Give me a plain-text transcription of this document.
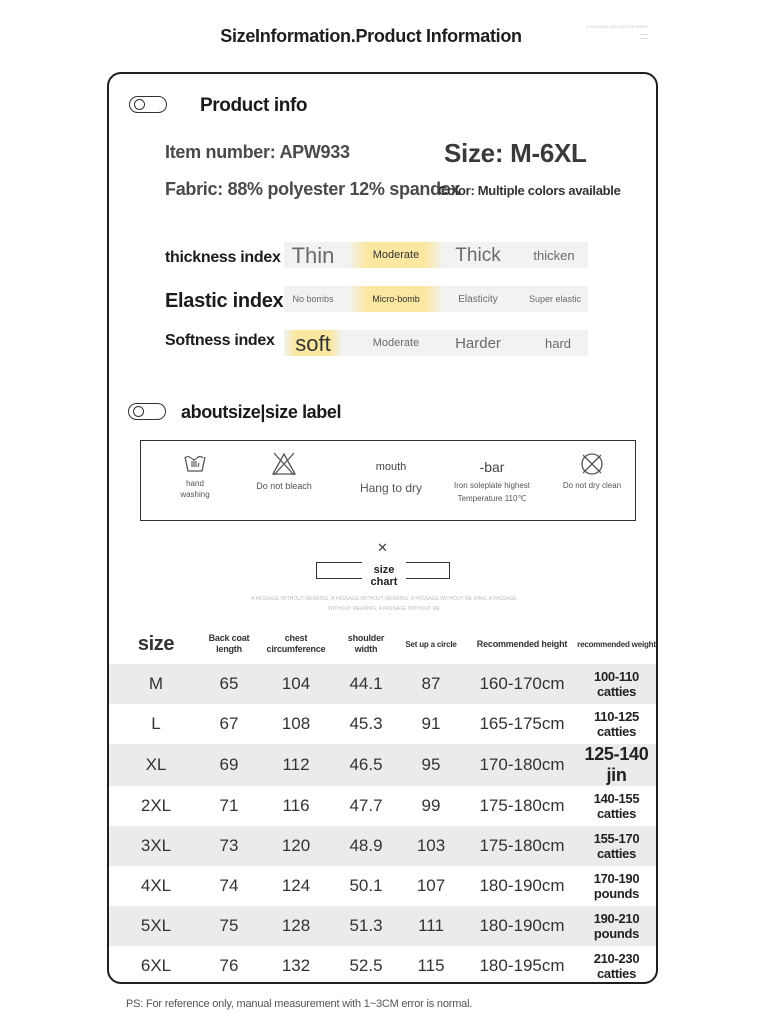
SizeInformation.Product Information	A PASSAGE WITHOUT MEANING
Product info
Item number: APW933	Size: M-6XL
Fabric: 88% polyester 12% spandex
Color: Multiple colors available
thickness index Thin	Moderate	Thick	thicken
Elastic index	No bombs	Micro-bomb	Elasticity	Super elastic
Softness index soft	Moderate	Harder	hard
aboutsize|size label
hand washing
Do not bleach
mouth
Hang to dry
-bar
Iron soleplate highest Temperature 110℃
Do not dry clean
✕
size chart
A PASSAGE WITHOUT MEANING, A PASSAGE WITHOUT MEANING, A PASSAGE WITHOUT ME RING, A PASSAGE WITHOUT MEANING, A PASSAGE WITHOUT ME
size	Back coat length	chest circumference	shoulder width	Set up a circle	Recommended height	recommended weight
M	65	104	44.1	87	160-170cm	100-110 catties
L	67	108	45.3	91	165-175cm	110-125 catties
XL	69	112	46.5	95	170-180cm	125-140 jin
2XL	71	116	47.7	99	175-180cm	140-155 catties
3XL	73	120	48.9	103	175-180cm	155-170 catties
4XL	74	124	50.1	107	180-190cm	170-190 pounds
5XL	75	128	51.3	111	180-190cm	190-210 pounds
6XL	76	132	52.5	115	180-195cm	210-230 catties
PS: For reference only, manual measurement with 1~3CM error is normal.
